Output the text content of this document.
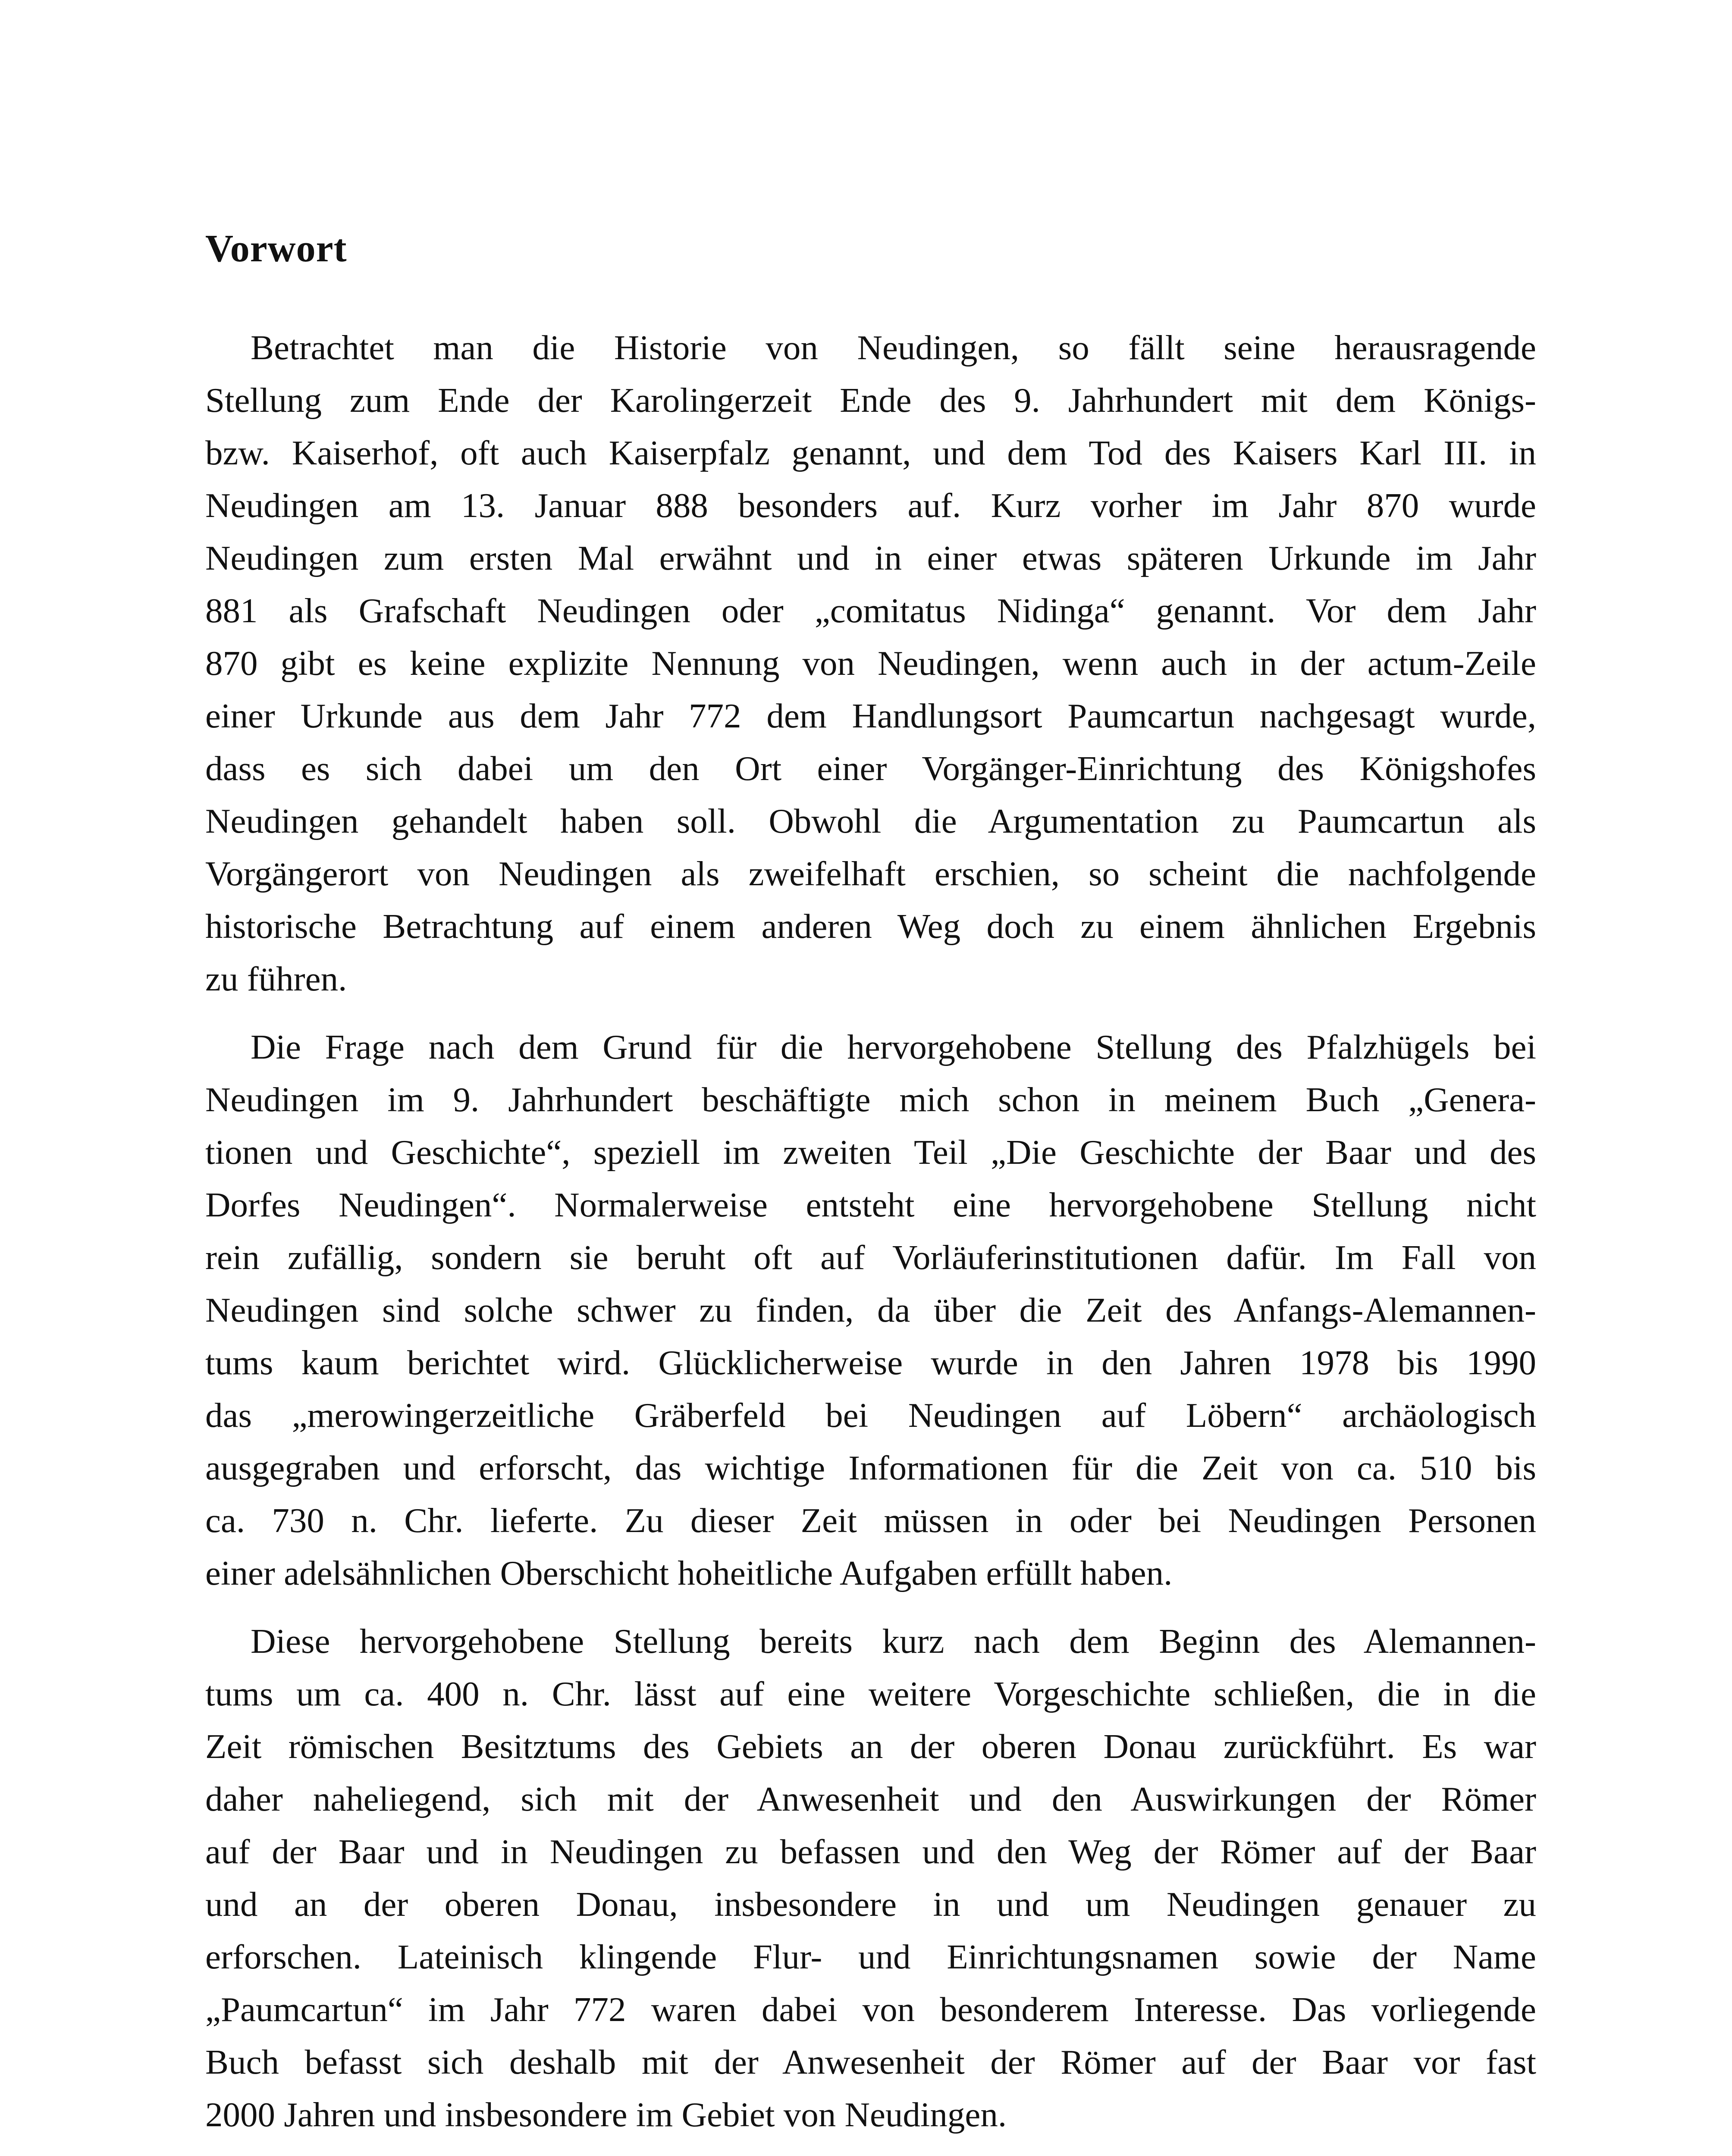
Vorwort

Betrachtet man die Historie von Neudingen, so fällt seine herausragende
Stellung zum Ende der Karolingerzeit Ende des 9. Jahrhundert mit dem Königs-
bzw. Kaiserhof, oft auch Kaiserpfalz genannt, und dem Tod des Kaisers Karl III. in
Neudingen am 13. Januar 888 besonders auf. Kurz vorher im Jahr 870 wurde
Neudingen zum ersten Mal erwähnt und in einer etwas späteren Urkunde im Jahr
881 als Grafschaft Neudingen oder „comitatus Nidinga“ genannt. Vor dem Jahr
870 gibt es keine explizite Nennung von Neudingen, wenn auch in der actum-Zeile
einer Urkunde aus dem Jahr 772 dem Handlungsort Paumcartun nachgesagt wurde,
dass es sich dabei um den Ort einer Vorgänger-Einrichtung des Königshofes
Neudingen gehandelt haben soll. Obwohl die Argumentation zu Paumcartun als
Vorgängerort von Neudingen als zweifelhaft erschien, so scheint die nachfolgende
historische Betrachtung auf einem anderen Weg doch zu einem ähnlichen Ergebnis
zu führen.

Die Frage nach dem Grund für die hervorgehobene Stellung des Pfalzhügels bei
Neudingen im 9. Jahrhundert beschäftigte mich schon in meinem Buch „Genera-
tionen und Geschichte“, speziell im zweiten Teil „Die Geschichte der Baar und des
Dorfes Neudingen“. Normalerweise entsteht eine hervorgehobene Stellung nicht
rein zufällig, sondern sie beruht oft auf Vorläuferinstitutionen dafür. Im Fall von
Neudingen sind solche schwer zu finden, da über die Zeit des Anfangs-Alemannen-
tums kaum berichtet wird. Glücklicherweise wurde in den Jahren 1978 bis 1990
das „merowingerzeitliche Gräberfeld bei Neudingen auf Löbern“ archäologisch
ausgegraben und erforscht, das wichtige Informationen für die Zeit von ca. 510 bis
ca. 730 n. Chr. lieferte. Zu dieser Zeit müssen in oder bei Neudingen Personen
einer adelsähnlichen Oberschicht hoheitliche Aufgaben erfüllt haben.

Diese hervorgehobene Stellung bereits kurz nach dem Beginn des Alemannen-
tums um ca. 400 n. Chr. lässt auf eine weitere Vorgeschichte schließen, die in die
Zeit römischen Besitztums des Gebiets an der oberen Donau zurückführt. Es war
daher naheliegend, sich mit der Anwesenheit und den Auswirkungen der Römer
auf der Baar und in Neudingen zu befassen und den Weg der Römer auf der Baar
und an der oberen Donau, insbesondere in und um Neudingen genauer zu
erforschen. Lateinisch klingende Flur- und Einrichtungsnamen sowie der Name
„Paumcartun“ im Jahr 772 waren dabei von besonderem Interesse. Das vorliegende
Buch befasst sich deshalb mit der Anwesenheit der Römer auf der Baar vor fast
2000 Jahren und insbesondere im Gebiet von Neudingen.
